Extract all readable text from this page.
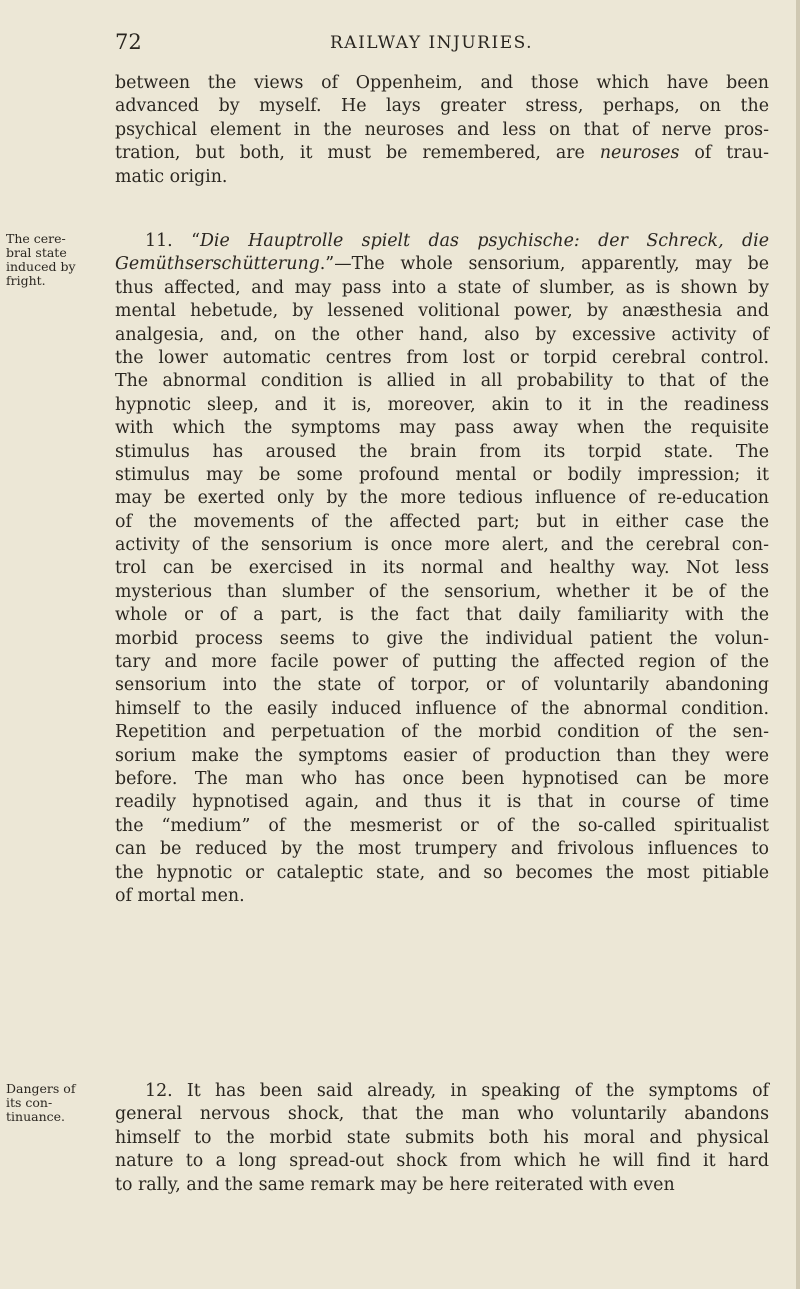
72	RAILWAY INJURIES.
between the views of Oppenheim, and those which have been
advanced by myself. He lays greater stress, perhaps, on the
psychical element in the neuroses and less on that of nerve pros-
tration, but both, it must be remembered, are neuroses of trau-
matic origin.
The cere-
bral state
induced by
fright.
11. “Die Hauptrolle spielt das psychische: der Schreck, die
Gemüthserschütterung.”—The whole sensorium, apparently, may be
thus affected, and may pass into a state of slumber, as is shown by
mental hebetude, by lessened volitional power, by anæsthesia and
analgesia, and, on the other hand, also by excessive activity of
the lower automatic centres from lost or torpid cerebral control.
The abnormal condition is allied in all probability to that of the
hypnotic sleep, and it is, moreover, akin to it in the readiness
with which the symptoms may pass away when the requisite
stimulus has aroused the brain from its torpid state. The
stimulus may be some profound mental or bodily impression; it
may be exerted only by the more tedious influence of re-education
of the movements of the affected part; but in either case the
activity of the sensorium is once more alert, and the cerebral con-
trol can be exercised in its normal and healthy way. Not less
mysterious than slumber of the sensorium, whether it be of the
whole or of a part, is the fact that daily familiarity with the
morbid process seems to give the individual patient the volun-
tary and more facile power of putting the affected region of the
sensorium into the state of torpor, or of voluntarily abandoning
himself to the easily induced influence of the abnormal condition.
Repetition and perpetuation of the morbid condition of the sen-
sorium make the symptoms easier of production than they were
before. The man who has once been hypnotised can be more
readily hypnotised again, and thus it is that in course of time
the “medium” of the mesmerist or of the so-called spiritualist
can be reduced by the most trumpery and frivolous influences to
the hypnotic or cataleptic state, and so becomes the most pitiable
of mortal men.
Dangers of
its con-
tinuance.
12. It has been said already, in speaking of the symptoms of
general nervous shock, that the man who voluntarily abandons
himself to the morbid state submits both his moral and physical
nature to a long spread-out shock from which he will find it hard
to rally, and the same remark may be here reiterated with even
